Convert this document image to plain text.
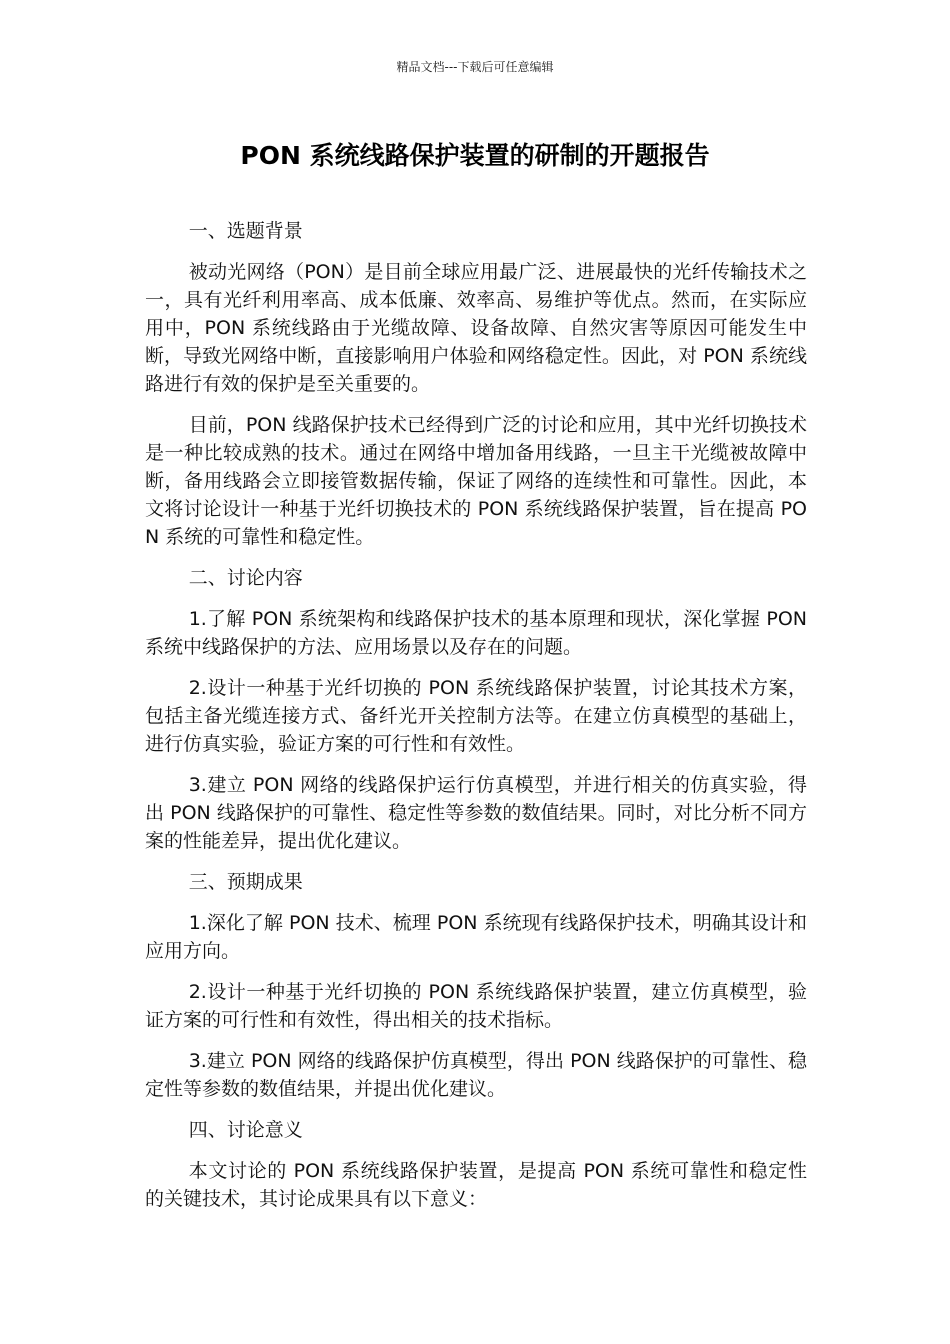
精品文档---下载后可任意编辑
PON 系统线路保护装置的研制的开题报告

一、选题背景

被动光网络（PON）是目前全球应用最广泛、进展最快的光纤传输技术之一，具有光纤利用率高、成本低廉、效率高、易维护等优点。然而，在实际应用中，PON 系统线路由于光缆故障、设备故障、自然灾害等原因可能发生中断，导致光网络中断，直接影响用户体验和网络稳定性。因此，对 PON 系统线路进行有效的保护是至关重要的。

目前，PON 线路保护技术已经得到广泛的讨论和应用，其中光纤切换技术是一种比较成熟的技术。通过在网络中增加备用线路，一旦主干光缆被故障中断，备用线路会立即接管数据传输，保证了网络的连续性和可靠性。因此，本文将讨论设计一种基于光纤切换技术的 PON 系统线路保护装置，旨在提高 PON 系统的可靠性和稳定性。

二、讨论内容

1.了解 PON 系统架构和线路保护技术的基本原理和现状，深化掌握 PON 系统中线路保护的方法、应用场景以及存在的问题。

2.设计一种基于光纤切换的 PON 系统线路保护装置，讨论其技术方案，包括主备光缆连接方式、备纤光开关控制方法等。在建立仿真模型的基础上，进行仿真实验，验证方案的可行性和有效性。

3.建立 PON 网络的线路保护运行仿真模型，并进行相关的仿真实验，得出 PON 线路保护的可靠性、稳定性等参数的数值结果。同时，对比分析不同方案的性能差异，提出优化建议。

三、预期成果

1.深化了解 PON 技术、梳理 PON 系统现有线路保护技术，明确其设计和应用方向。

2.设计一种基于光纤切换的 PON 系统线路保护装置，建立仿真模型，验证方案的可行性和有效性，得出相关的技术指标。

3.建立 PON 网络的线路保护仿真模型，得出 PON 线路保护的可靠性、稳定性等参数的数值结果，并提出优化建议。

四、讨论意义

本文讨论的 PON 系统线路保护装置，是提高 PON 系统可靠性和稳定性的关键技术，其讨论成果具有以下意义：
